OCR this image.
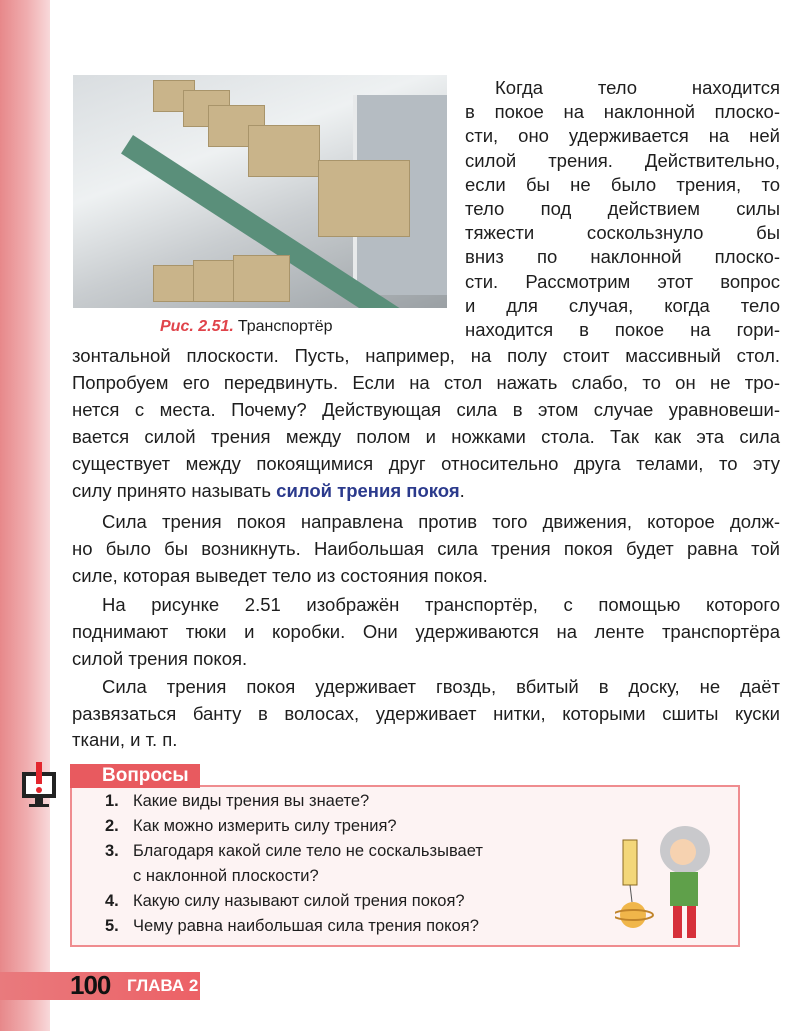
Рис. 2.51. Транспортёр
Когда тело находится
в покое на наклонной плоско-
сти, оно удерживается на ней
силой трения. Действительно,
если бы не было трения, то
тело под действием силы
тяжести соскользнуло бы
вниз по наклонной плоско-
сти. Рассмотрим этот вопрос
и для случая, когда тело
находится в покое на гори-
зонтальной плоскости. Пусть, например, на полу стоит массивный стол.
Попробуем его передвинуть. Если на стол нажать слабо, то он не тро-
нется с места. Почему? Действующая сила в этом случае уравновеши-
вается силой трения между полом и ножками стола. Так как эта сила
существует между покоящимися друг относительно друга телами, то эту
силу принято называть силой трения покоя.
Сила трения покоя направлена против того движения, которое долж-
но было бы возникнуть. Наибольшая сила трения покоя будет равна той
силе, которая выведет тело из состояния покоя.
На рисунке 2.51 изображён транспортёр, с помощью которого
поднимают тюки и коробки. Они удерживаются на ленте транспортёра
силой трения покоя.
Сила трения покоя удерживает гвоздь, вбитый в доску, не даёт
развязаться банту в волосах, удерживает нитки, которыми сшиты куски
ткани, и т. п.
Вопросы
1. Какие виды трения вы знаете?
2. Как можно измерить силу трения?
3. Благодаря какой силе тело не соскальзывает
с наклонной плоскости?
4. Какую силу называют силой трения покоя?
5. Чему равна наибольшая сила трения покоя?
100 ГЛАВА 2
